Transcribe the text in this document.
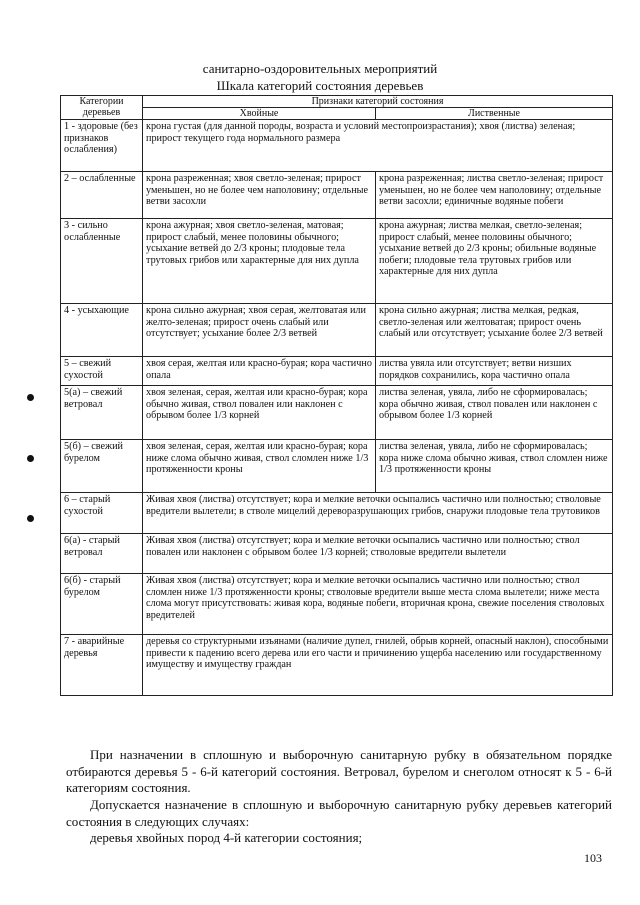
санитарно-оздоровительных мероприятий
Шкала категорий состояния деревьев
Категории деревьев	Признаки категорий состояния	
	Хвойные	Лиственные
1 - здоровые (без признаков ослабления)	крона густая (для данной породы, возраста и условий местопроизрастания); хвоя (листва) зеленая; прирост текущего года нормального размера	
2 – ослабленные	крона разреженная; хвоя светло-зеленая; прирост уменьшен, но не более чем наполовину; отдельные ветви засохли	крона разреженная; листва светло-зеленая; прирост уменьшен, но не более чем наполовину; отдельные ветви засохли; единичные водяные побеги
3 - сильно ослабленные	крона ажурная; хвоя светло-зеленая, матовая; прирост слабый, менее половины обычного; усыхание ветвей до 2/3 кроны; плодовые тела трутовых грибов или характерные для них дупла	крона ажурная; листва мелкая, светло-зеленая; прирост слабый, менее половины обычного; усыхание ветвей до 2/3 кроны; обильные водяные побеги; плодовые тела трутовых грибов или характерные для них дупла
4 - усыхающие	крона сильно ажурная; хвоя серая, желтоватая или желто-зеленая; прирост очень слабый или отсутствует; усыхание более 2/3 ветвей	крона сильно ажурная; листва мелкая, редкая, светло-зеленая или желтоватая; прирост очень слабый или отсутствует; усыхание более 2/3 ветвей
5 – свежий сухостой	хвоя серая, желтая или красно-бурая; кора частично опала	листва увяла или отсутствует; ветви низших порядков сохранились, кора частично опала
5(а) – свежий ветровал	хвоя зеленая, серая, желтая или красно-бурая; кора обычно живая, ствол повален или наклонен с обрывом более 1/3 корней	листва зеленая, увяла, либо не сформировалась; кора обычно живая, ствол повален или наклонен с обрывом более 1/3 корней
5(б) – свежий бурелом	хвоя зеленая, серая, желтая или красно-бурая; кора ниже слома обычно живая, ствол сломлен ниже 1/3 протяженности кроны	листва зеленая, увяла, либо не сформировалась; кора ниже слома обычно живая, ствол сломлен ниже 1/3 протяженности кроны
6 – старый сухостой	Живая хвоя (листва) отсутствует; кора и мелкие веточки осыпались частично или полностью; стволовые вредители вылетели; в стволе мицелий дереворазрушающих грибов, снаружи плодовые тела трутовиков	
6(а) - старый ветровал	Живая хвоя (листва) отсутствует; кора и мелкие веточки осыпались частично или полностью; ствол повален или наклонен с обрывом более 1/3 корней; стволовые вредители вылетели	
6(б) - старый бурелом	Живая хвоя (листва) отсутствует; кора и мелкие веточки осыпались частично или полностью; ствол сломлен ниже 1/3 протяженности кроны; стволовые вредители выше места слома вылетели; ниже места слома могут присутствовать: живая кора, водяные побеги, вторичная крона, свежие поселения стволовых вредителей	
7 - аварийные деревья	деревья со структурными изъянами (наличие дупел, гнилей, обрыв корней, опасный наклон), способными привести к падению всего дерева или его части и причинению ущерба населению или государственному имуществу и имуществу граждан	

При назначении в сплошную и выборочную санитарную рубку в обязательном порядке отбираются деревья 5 - 6-й категорий состояния. Ветровал, бурелом и снеголом относят к 5 - 6-й категориям состояния.

Допускается назначение в сплошную и выборочную санитарную рубку деревьев категорий состояния в следующих случаях:

деревья хвойных пород 4-й категории состояния;

103
